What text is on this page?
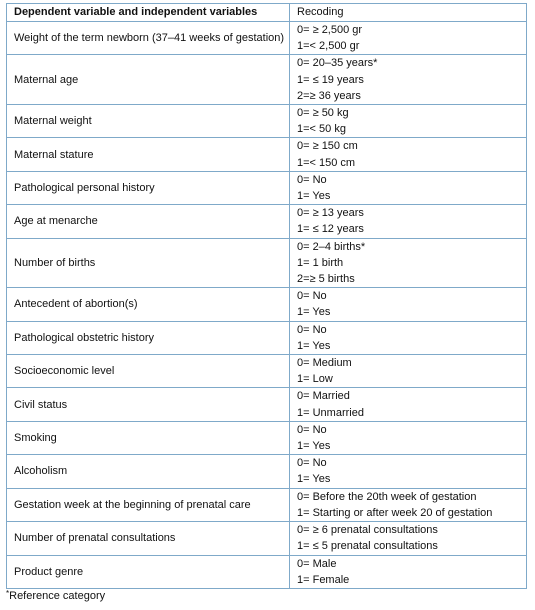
Dependent variable and independent variables	Recoding
Weight of the term newborn (37–41 weeks of gestation)	0= ≥ 2,500 gr
1=< 2,500 gr

Maternal age	0= 20–35 years*
1= ≤ 19 years
2=≥ 36 years

Maternal weight	0= ≥ 50 kg
1=< 50 kg

Maternal stature	0= ≥ 150 cm
1=< 150 cm

Pathological personal history	0= No
1= Yes

Age at menarche	0= ≥ 13 years
1= ≤ 12 years

Number of births	0= 2–4 births*
1= 1 birth
2=≥ 5 births

Antecedent of abortion(s)	0= No
1= Yes

Pathological obstetric history	0= No
1= Yes

Socioeconomic level	0= Medium
1= Low

Civil status	0= Married
1= Unmarried

Smoking	0= No
1= Yes

Alcoholism	0= No
1= Yes

Gestation week at the beginning of prenatal care	0= Before the 20th week of gestation
1= Starting or after week 20 of gestation

Number of prenatal consultations	0= ≥ 6 prenatal consultations
1= ≤ 5 prenatal consultations

Product genre	0= Male
1= Female
*Reference category
